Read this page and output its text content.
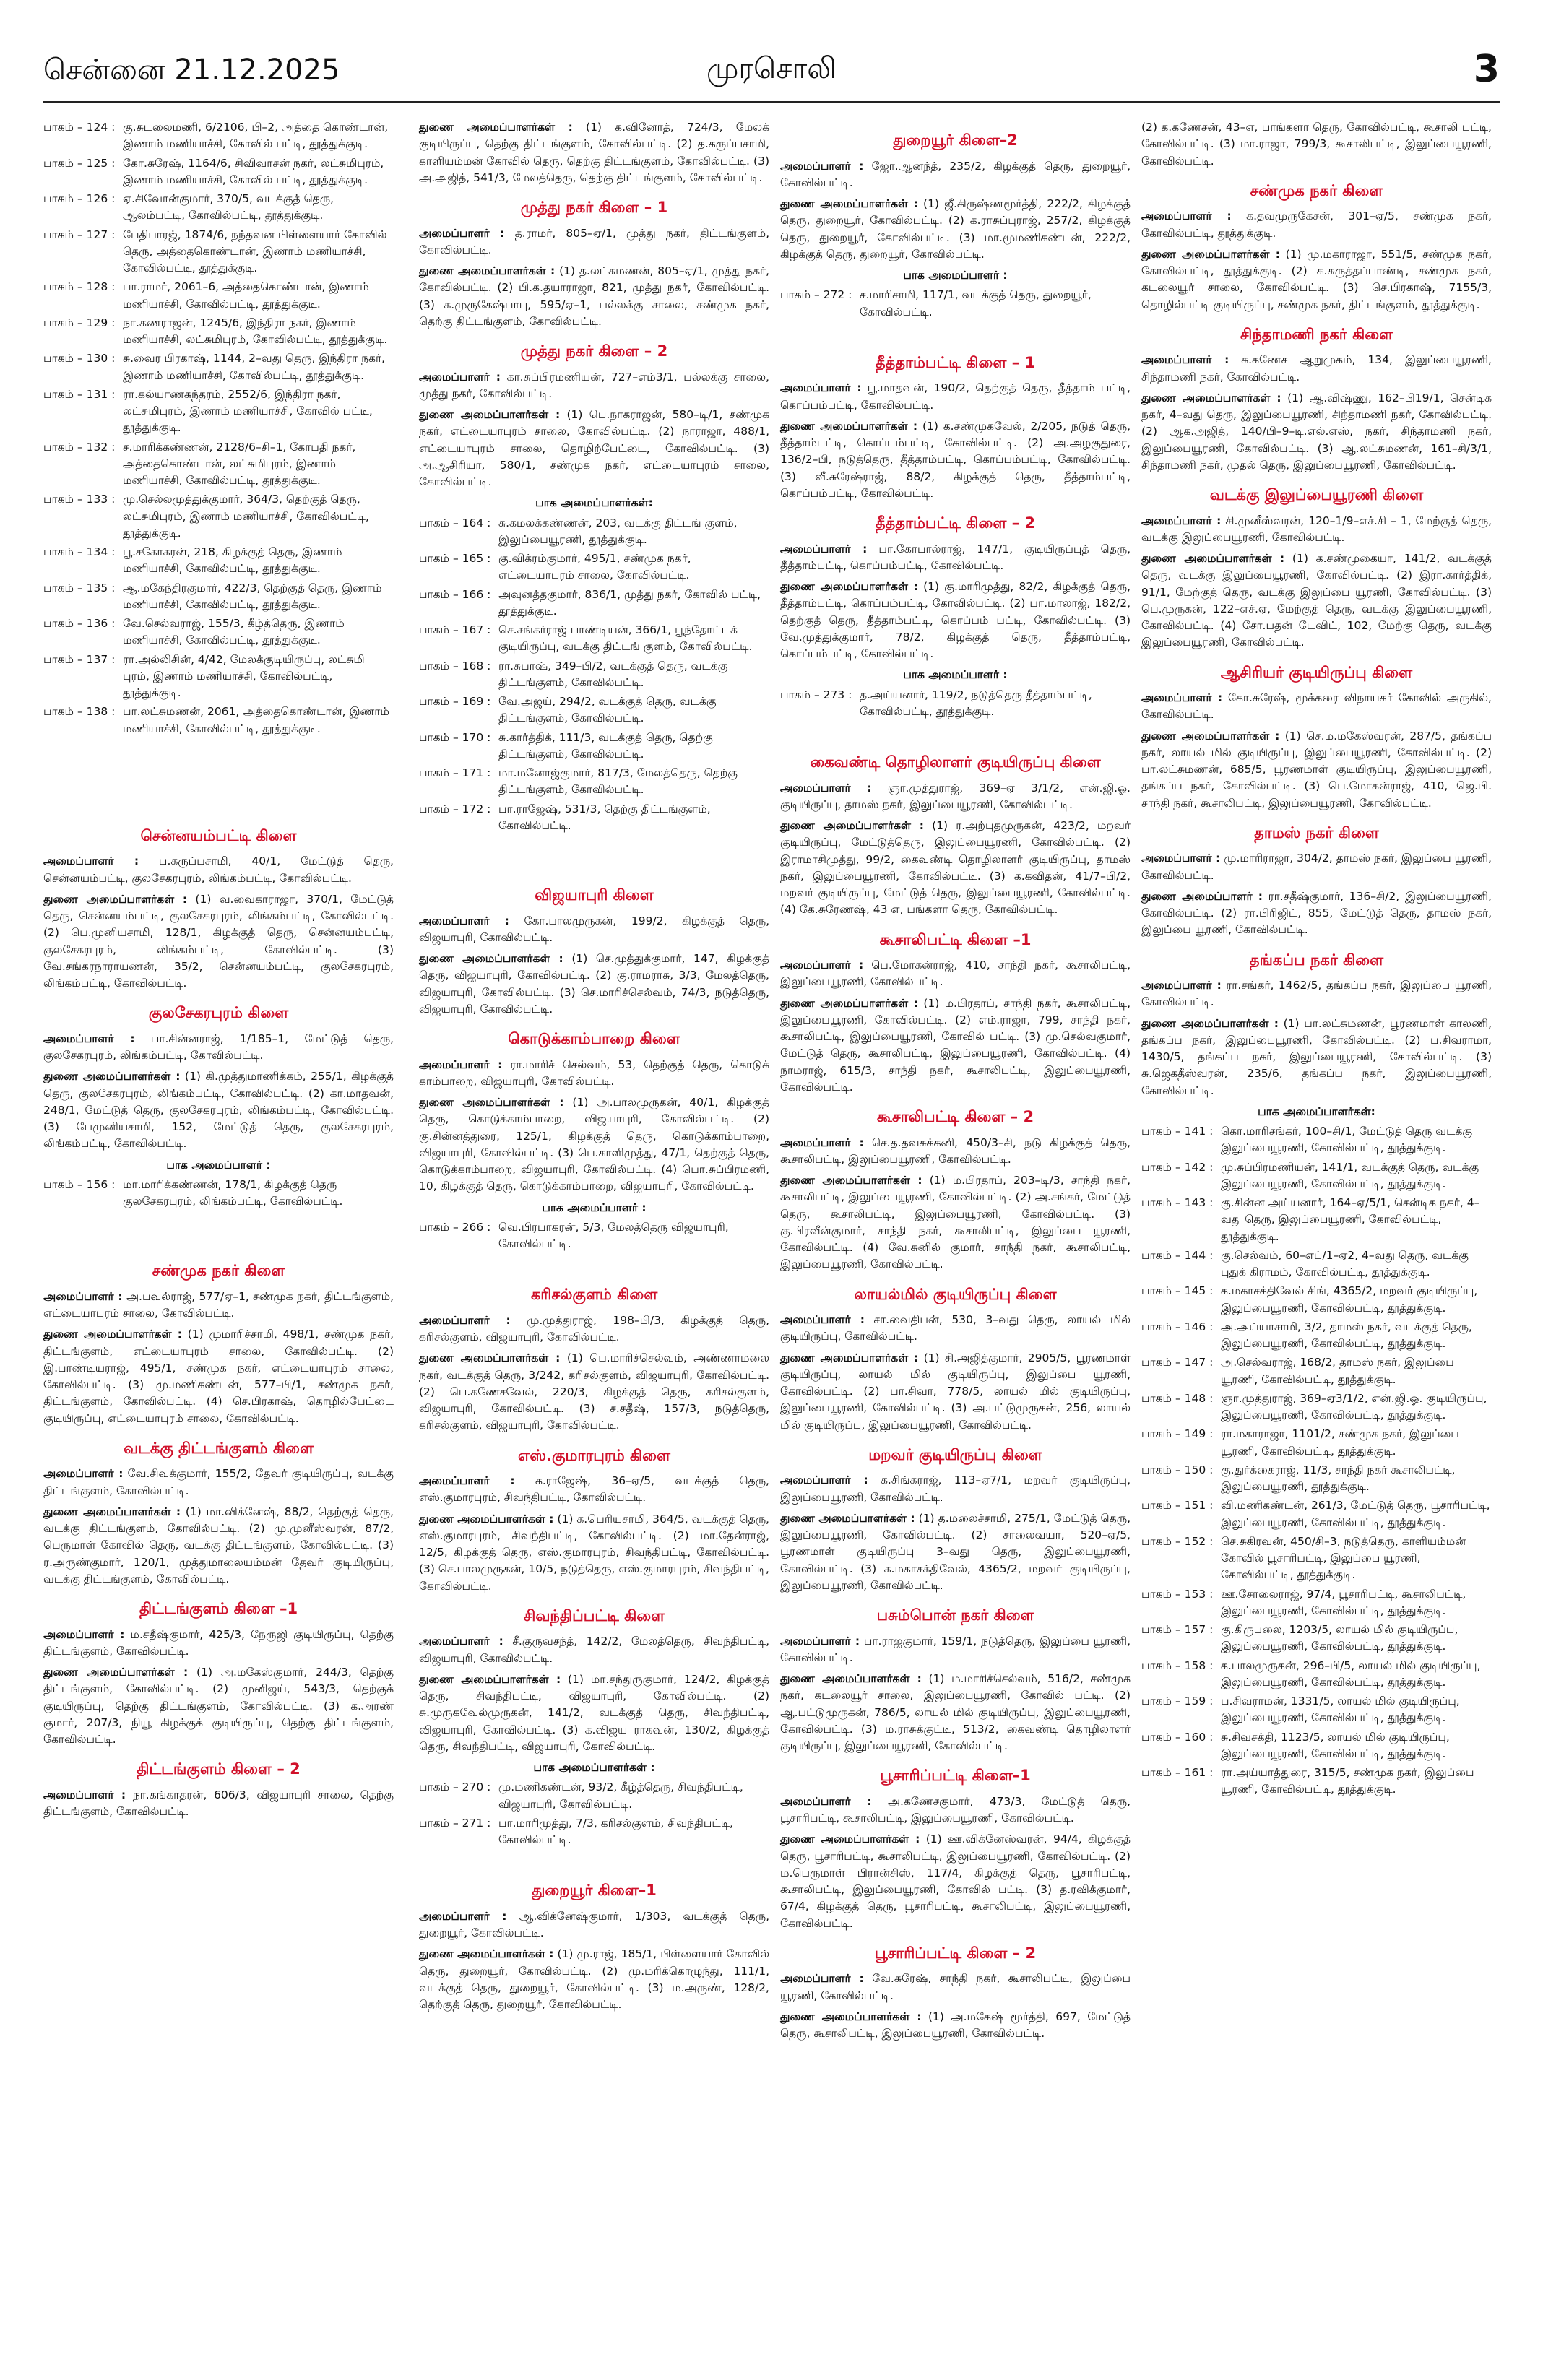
சென்னை 21.12.2025	முரசொலி	3
பாகம் – 124 : கு.சுடலைமணி, 6/2106, பி–2, அத்தை கொண்டான், இணாம் மணியாச்சி, கோவில் பட்டி, தூத்துக்குடி.
பாகம் – 125 : கோ.சுரேஷ், 1164/6, சிவிவாசன் நகர், லட்சுமிபுரம், இணாம் மணியாச்சி, கோவில் பட்டி, தூத்துக்குடி.
பாகம் – 126 : ஏ.சிவோன்குமார், 370/5, வடக்குத் தெரு, ஆலம்பட்டி, கோவில்பட்டி, தூத்துக்குடி.
பாகம் – 127 : பேதிபாரஜ், 1874/6, நந்தவன பிள்ளையார் கோவில் தெரு, அத்தைகொண்டான், இணாம் மணியாச்சி, கோவில்பட்டி, தூத்துக்குடி.
பாகம் – 128 : பா.ராமர், 2061–6, அத்தைகொண்டான், இணாம் மணியாச்சி, கோவில்பட்டி, தூத்துக்குடி.
பாகம் – 129 : நா.கணராஜன், 1245/6, இந்திரா நகர், இணாம் மணியாச்சி, லட்சுமிபுரம், கோவில்பட்டி, தூத்துக்குடி.
பாகம் – 130 : சு.வைர பிரகாஷ், 1144, 2–வது தெரு, இந்திரா நகர், இணாம் மணியாச்சி, கோவில்பட்டி, தூத்துக்குடி.
பாகம் – 131 : ரா.கல்யாணசுந்தரம், 2552/6, இந்திரா நகர், லட்சுமிபுரம், இணாம் மணியாச்சி, கோவில் பட்டி, தூத்துக்குடி.
பாகம் – 132 : ச.மாரிக்கண்ணன், 2128/6–சி–1, கோபதி நகர், அத்தைகொண்டான், லட்சுமிபுரம், இணாம் மணியாச்சி, கோவில்பட்டி, தூத்துக்குடி.
பாகம் – 133 : மு.செல்லமுத்துக்குமார், 364/3, தெற்குத் தெரு, லட்சுமிபுரம், இணாம் மணியாச்சி, கோவில்பட்டி, தூத்துக்குடி.
பாகம் – 134 : பூ.சகோகரன், 218, கிழக்குத் தெரு, இணாம் மணியாச்சி, கோவில்பட்டி, தூத்துக்குடி.
பாகம் – 135 : ஆ.மகேந்திரகுமார், 422/3, தெற்குத் தெரு, இணாம் மணியாச்சி, கோவில்பட்டி, தூத்துக்குடி.
பாகம் – 136 : வே.செல்வராஜ், 155/3, கீழ்த்தெரு, இணாம் மணியாச்சி, கோவில்பட்டி, தூத்துக்குடி.
பாகம் – 137 : ரா.அல்லிசின், 4/42, மேலக்குடியிருப்பு, லட்சுமி புரம், இணாம் மணியாச்சி, கோவில்பட்டி, தூத்துக்குடி.
பாகம் – 138 : பா.லட்சுமணன், 2061, அத்தைகொண்டான், இணாம் மணியாச்சி, கோவில்பட்டி, தூத்துக்குடி.
சென்னயம்பட்டி கிளை

அமைப்பாளர் : ப.கருப்பசாமி, 40/1, மேட்டுத் தெரு, சென்னயம்பட்டி, குலசேகரபுரம், லிங்கம்பட்டி, கோவில்பட்டி.

துணை அமைப்பாளர்கள் : (1) வ.வைகாராஜா, 370/1, மேட்டுத் தெரு, சென்னயம்பட்டி, குலசேகரபுரம், லிங்கம்பட்டி, கோவில்பட்டி. (2) பெ.முனியசாமி, 128/1, கிழக்குத் தெரு, சென்னயம்பட்டி, குலசேகரபுரம், லிங்கம்பட்டி, கோவில்பட்டி. (3) வே.சங்கரநாராயணன், 35/2, சென்னயம்பட்டி, குலசேகரபுரம், லிங்கம்பட்டி, கோவில்பட்டி.

குலசேகரபுரம் கிளை

அமைப்பாளர் : பா.சின்னராஜ், 1/185–1, மேட்டுத் தெரு, குலசேகரபுரம், லிங்கம்பட்டி, கோவில்பட்டி.

துணை அமைப்பாளர்கள் : (1) கி.முத்துமாணிக்கம், 255/1, கிழக்குத் தெரு, குலசேகரபுரம், லிங்கம்பட்டி, கோவில்பட்டி. (2) கா.மாதவன், 248/1, மேட்டுத் தெரு, குலசேகரபுரம், லிங்கம்பட்டி, கோவில்பட்டி. (3) பேமுனியசாமி, 152, மேட்டுத் தெரு, குலசேகரபுரம், லிங்கம்பட்டி, கோவில்பட்டி.

பாக அமைப்பாளர் :
பாகம் – 156 : மா.மாரிக்கண்ணன், 178/1, கிழக்குத் தெரு குலசேகரபுரம், லிங்கம்பட்டி, கோவில்பட்டி.
சண்முக நகர் கிளை

அமைப்பாளர் : அ.பவுல்ராஜ், 577/ஏ–1, சண்முக நகர், திட்டங்குளம், எட்டையாபுரம் சாலை, கோவில்பட்டி.

துணை அமைப்பாளர்கள் : (1) முமாரிச்சாமி, 498/1, சண்முக நகர், திட்டங்குளம், எட்டையாபுரம் சாலை, கோவில்பட்டி. (2) இ.பாண்டியராஜ், 495/1, சண்முக நகர், எட்டையாபுரம் சாலை, கோவில்பட்டி. (3) மு.மணிகண்டன், 577–பி/1, சண்முக நகர், திட்டங்குளம், கோவில்பட்டி. (4) செ.பிரகாஷ், தொழில்பேட்டை குடியிருப்பு, எட்டையாபுரம் சாலை, கோவில்பட்டி.

வடக்கு திட்டங்குளம் கிளை

அமைப்பாளர் : வே.சிவக்குமார், 155/2, தேவர் குடியிருப்பு, வடக்கு திட்டங்குளம், கோவில்பட்டி.

துணை அமைப்பாளர்கள் : (1) மா.விக்னேஷ், 88/2, தெற்குத் தெரு, வடக்கு திட்டங்குளம், கோவில்பட்டி. (2) மு.முனீஸ்வரன், 87/2, பெருமாள் கோவில் தெரு, வடக்கு திட்டங்குளம், கோவில்பட்டி. (3) ர.அருண்குமார், 120/1, முத்துமாலையம்மன் தேவர் குடியிருப்பு, வடக்கு திட்டங்குளம், கோவில்பட்டி.

திட்டங்குளம் கிளை –1

அமைப்பாளர் : ம.சதீஷ்குமார், 425/3, நேருஜி குடியிருப்பு, தெற்கு திட்டங்குளம், கோவில்பட்டி.

துணை அமைப்பாளர்கள் : (1) அ.மகேஸ்குமார், 244/3, தெற்கு திட்டங்குளம், கோவில்பட்டி. (2) முனிஜய், 543/3, தெற்குக் குடியிருப்பு, தெற்கு திட்டங்குளம், கோவில்பட்டி. (3) க.அரண் குமார், 207/3, நியூ கிழக்குக் குடியிருப்பு, தெற்கு திட்டங்குளம், கோவில்பட்டி.

திட்டங்குளம் கிளை – 2

அமைப்பாளர் : நா.கங்காதரன், 606/3, விஜயாபுரி சாலை, தெற்கு திட்டங்குளம், கோவில்பட்டி.

துணை அமைப்பாளர்கள் : (1) க.வினோத், 724/3, மேலக் குடியிருப்பு, தெற்கு திட்டங்குளம், கோவில்பட்டி. (2) த.கருப்பசாமி, காளியம்மன் கோவில் தெரு, தெற்கு திட்டங்குளம், கோவில்பட்டி. (3) அ.அஜித், 541/3, மேலத்தெரு, தெற்கு திட்டங்குளம், கோவில்பட்டி.

முத்து நகர் கிளை – 1

அமைப்பாளர் : த.ராமர், 805–ஏ/1, முத்து நகர், திட்டங்குளம், கோவில்பட்டி.

துணை அமைப்பாளர்கள் : (1) த.லட்சுமணன், 805–ஏ/1, முத்து நகர், கோவில்பட்டி. (2) பி.க.தயாராஜா, 821, முத்து நகர், கோவில்பட்டி. (3) க.முருகேஷ்பாபு, 595/ஏ–1, பல்லக்கு சாலை, சண்முக நகர், தெற்கு திட்டங்குளம், கோவில்பட்டி.

முத்து நகர் கிளை – 2

அமைப்பாளர் : கா.சுப்பிரமணியன், 727–எம்3/1, பல்லக்கு சாலை, முத்து நகர், கோவில்பட்டி.

துணை அமைப்பாளர்கள் : (1) பெ.நாகராஜன், 580–டி/1, சண்முக நகர், எட்டையாபுரம் சாலை, கோவில்பட்டி. (2) நாராஜா, 488/1, எட்டையாபுரம் சாலை, தொழிற்பேட்டை, கோவில்பட்டி. (3) அ.ஆசிரியா, 580/1, சண்முக நகர், எட்டையாபுரம் சாலை, கோவில்பட்டி.

பாக அமைப்பாளர்கள்:
பாகம் – 164 : சு.கமலக்கண்ணன், 203, வடக்கு திட்டங் குளம், இலுப்பையூரணி, தூத்துக்குடி.
பாகம் – 165 : கு.விக்ரம்குமார், 495/1, சண்முக நகர், எட்டையாபுரம் சாலை, கோவில்பட்டி.
பாகம் – 166 : அவுனத்தகுமார், 836/1, முத்து நகர், கோவில் பட்டி, தூத்துக்குடி.
பாகம் – 167 : செ.சங்கர்ராஜ் பாண்டியன், 366/1, பூந்தோட்டக் குடியிருப்பு, வடக்கு திட்டங் குளம், கோவில்பட்டி.
பாகம் – 168 : ரா.சுபாஷ், 349–பி/2, வடக்குத் தெரு, வடக்கு திட்டங்குளம், கோவில்பட்டி.
பாகம் – 169 : வே.அஜய், 294/2, வடக்குத் தெரு, வடக்கு திட்டங்குளம், கோவில்பட்டி.
பாகம் – 170 : சு.கார்த்திக், 111/3, வடக்குத் தெரு, தெற்கு திட்டங்குளம், கோவில்பட்டி.
பாகம் – 171 : மா.மனோஜ்குமார், 817/3, மேலத்தெரு, தெற்கு திட்டங்குளம், கோவில்பட்டி.
பாகம் – 172 : பா.ராஜேஷ், 531/3, தெற்கு திட்டங்குளம், கோவில்பட்டி.
விஜயாபுரி கிளை

அமைப்பாளர் : கோ.பாலமுருகன், 199/2, கிழக்குத் தெரு, விஜயாபுரி, கோவில்பட்டி.

துணை அமைப்பாளர்கள் : (1) செ.முத்துக்குமார், 147, கிழக்குத் தெரு, விஜயாபுரி, கோவில்பட்டி. (2) கு.ராமராசு, 3/3, மேலத்தெரு, விஜயாபுரி, கோவில்பட்டி. (3) செ.மாரிச்செல்வம், 74/3, நடுத்தெரு, விஜயாபுரி, கோவில்பட்டி.

கொடுக்காம்பாறை கிளை

அமைப்பாளர் : ரா.மாரிச் செல்வம், 53, தெற்குத் தெரு, கொடுக் காம்பாறை, விஜயாபுரி, கோவில்பட்டி.

துணை அமைப்பாளர்கள் : (1) அ.பாலமுருகன், 40/1, கிழக்குத் தெரு, கொடுக்காம்பாறை, விஜயாபுரி, கோவில்பட்டி. (2) கு.சின்னத்துரை, 125/1, கிழக்குத் தெரு, கொடுக்காம்பாறை, விஜயாபுரி, கோவில்பட்டி. (3) பெ.காளிமுத்து, 47/1, தெற்குத் தெரு, கொடுக்காம்பாறை, விஜயாபுரி, கோவில்பட்டி. (4) பொ.சுப்பிரமணி, 10, கிழக்குத் தெரு, கொடுக்காம்பாறை, விஜயாபுரி, கோவில்பட்டி.

பாக அமைப்பாளர் :
பாகம் – 266 : வெ.பிரபாகரன், 5/3, மேலத்தெரு விஜயாபுரி, கோவில்பட்டி.
கரிசல்குளம் கிளை

அமைப்பாளர் : மு.முத்துராஜ், 198–பி/3, கிழக்குத் தெரு, கரிசல்குளம், விஜயாபுரி, கோவில்பட்டி.

துணை அமைப்பாளர்கள் : (1) பெ.மாரிச்செல்வம், அண்ணாமலை நகர், வடக்குத் தெரு, 3/242, கரிசல்குளம், விஜயாபுரி, கோவில்பட்டி. (2) பெ.கணேசவேல், 220/3, கிழக்குத் தெரு, கரிசல்குளம், விஜயாபுரி, கோவில்பட்டி. (3) ச.சதீஷ், 157/3, நடுத்தெரு, கரிசல்குளம், விஜயாபுரி, கோவில்பட்டி.

எஸ்.குமாரபுரம் கிளை

அமைப்பாளர் : க.ராஜேஷ், 36–ஏ/5, வடக்குத் தெரு, எஸ்.குமாரபுரம், சிவந்திபட்டி, கோவில்பட்டி.

துணை அமைப்பாளர்கள் : (1) க.பெரியசாமி, 364/5, வடக்குத் தெரு, எஸ்.குமாரபுரம், சிவந்திபட்டி, கோவில்பட்டி. (2) மா.தேன்ராஜ், 12/5, கிழக்குத் தெரு, எஸ்.குமாரபுரம், சிவந்திபட்டி, கோவில்பட்டி. (3) செ.பாலமுருகன், 10/5, நடுத்தெரு, எஸ்.குமாரபுரம், சிவந்திபட்டி, கோவில்பட்டி.

சிவந்திப்பட்டி கிளை

அமைப்பாளர் : சீ.குருவசந்த், 142/2, மேலத்தெரு, சிவந்திபட்டி, விஜயாபுரி, கோவில்பட்டி.

துணை அமைப்பாளர்கள் : (1) மா.சந்துருகுமார், 124/2, கிழக்குத் தெரு, சிவந்திபட்டி, விஜயாபுரி, கோவில்பட்டி. (2) சு.முருகவேல்முருகன், 141/2, வடக்குத் தெரு, சிவந்திபட்டி, விஜயாபுரி, கோவில்பட்டி. (3) க.விஜய ராகவன், 130/2, கிழக்குத் தெரு, சிவந்திபட்டி, விஜயாபுரி, கோவில்பட்டி.

பாக அமைப்பாளர்கள் :
பாகம் – 270 : மு.மணிகண்டன், 93/2, கீழ்த்தெரு, சிவந்திபட்டி, விஜயாபுரி, கோவில்பட்டி.
பாகம் – 271 : பா.மாரிமுத்து, 7/3, கரிசல்குளம், சிவந்திபட்டி, கோவில்பட்டி.
துறையூர் கிளை–1

அமைப்பாளர் : ஆ.விக்னேஷ்குமார், 1/303, வடக்குத் தெரு, துறையூர், கோவில்பட்டி.

துணை அமைப்பாளர்கள் : (1) மு.ராஜ், 185/1, பிள்ளையார் கோவில் தெரு, துறையூர், கோவில்பட்டி. (2) மு.மரிக்கொழுந்து, 111/1, வடக்குத் தெரு, துறையூர், கோவில்பட்டி. (3) ம.அருண், 128/2, தெற்குத் தெரு, துறையூர், கோவில்பட்டி.

துறையூர் கிளை–2

அமைப்பாளர் : ஜோ.ஆனந்த், 235/2, கிழக்குத் தெரு, துறையூர், கோவில்பட்டி.

துணை அமைப்பாளர்கள் : (1) ஜீ.கிருஷ்ணமூர்த்தி, 222/2, கிழக்குத் தெரு, துறையூர், கோவில்பட்டி. (2) க.ராசுப்புராஜ், 257/2, கிழக்குத் தெரு, துறையூர், கோவில்பட்டி. (3) மா.மூமணிகண்டன், 222/2, கிழக்குத் தெரு, துறையூர், கோவில்பட்டி.

பாக அமைப்பாளர் :
பாகம் – 272 : ச.மாரிசாமி, 117/1, வடக்குத் தெரு, துறையூர், கோவில்பட்டி.
தீத்தாம்பட்டி கிளை – 1

அமைப்பாளர் : பூ.மாதவன், 190/2, தெற்குத் தெரு, தீத்தாம் பட்டி, கொப்பம்பட்டி, கோவில்பட்டி.

துணை அமைப்பாளர்கள் : (1) க.சண்முகவேல், 2/205, நடுத் தெரு, தீத்தாம்பட்டி, கொப்பம்பட்டி, கோவில்பட்டி. (2) அ.அழகுதுரை, 136/2–பி, நடுத்தெரு, தீத்தாம்பட்டி, கொப்பம்பட்டி, கோவில்பட்டி. (3) வீ.சுரேஷ்ராஜ், 88/2, கிழக்குத் தெரு, தீத்தாம்பட்டி, கொப்பம்பட்டி, கோவில்பட்டி.

தீத்தாம்பட்டி கிளை – 2

அமைப்பாளர் : பா.கோபால்ராஜ், 147/1, குடியிருப்புத் தெரு, தீத்தாம்பட்டி, கொப்பம்பட்டி, கோவில்பட்டி.

துணை அமைப்பாளர்கள் : (1) கு.மாரிமுத்து, 82/2, கிழக்குத் தெரு, தீத்தாம்பட்டி, கொப்பம்பட்டி, கோவில்பட்டி. (2) பா.மாலாஜ், 182/2, தெற்குத் தெரு, தீத்தாம்பட்டி, கொப்பம் பட்டி, கோவில்பட்டி. (3) வே.முத்துக்குமார், 78/2, கிழக்குத் தெரு, தீத்தாம்பட்டி, கொப்பம்பட்டி, கோவில்பட்டி.

பாக அமைப்பாளர் :
பாகம் – 273 : த.அய்யனார், 119/2, நடுத்தெரு தீத்தாம்பட்டி, கோவில்பட்டி, தூத்துக்குடி.
கைவண்டி தொழிலாளர் குடியிருப்பு கிளை

அமைப்பாளர் : ஞா.முத்துராஜ், 369–ஏ 3/1/2, என்.ஜி.ஓ. குடியிருப்பு, தாமஸ் நகர், இலுப்பையூரணி, கோவில்பட்டி.

துணை அமைப்பாளர்கள் : (1) ர.அற்புதமுருகன், 423/2, மறவர் குடியிருப்பு, மேட்டுத்தெரு, இலுப்பையூரணி, கோவில்பட்டி. (2) இராமாசிமுத்து, 99/2, கைவண்டி தொழிலாளர் குடியிருப்பு, தாமஸ் நகர், இலுப்பையூரணி, கோவில்பட்டி. (3) க.கவிதன், 41/7–பி/2, மறவர் குடியிருப்பு, மேட்டுத் தெரு, இலுப்பையூரணி, கோவில்பட்டி. (4) கே.சுரேணஷ், 43 எ, பங்களா தெரு, கோவில்பட்டி.

கூசாலிபட்டி கிளை –1

அமைப்பாளர் : பெ.மோகன்ராஜ், 410, சாந்தி நகர், கூசாலிபட்டி, இலுப்பையூரணி, கோவில்பட்டி.

துணை அமைப்பாளர்கள் : (1) ம.பிரதாப், சாந்தி நகர், கூசாலிபட்டி, இலுப்பையூரணி, கோவில்பட்டி. (2) எம்.ராஜா, 799, சாந்தி நகர், கூசாலிபட்டி, இலுப்பையூரணி, கோவில் பட்டி. (3) மு.செல்வகுமார், மேட்டுத் தெரு, கூசாலிபட்டி, இலுப்பையூரணி, கோவில்பட்டி. (4) நாமராஜ், 615/3, சாந்தி நகர், கூசாலிபட்டி, இலுப்பையூரணி, கோவில்பட்டி.

கூசாலிபட்டி கிளை – 2

அமைப்பாளர் : செ.த.தவசுக்கனி, 450/3–சி, நடு கிழக்குத் தெரு, கூசாலிபட்டி, இலுப்பையூரணி, கோவில்பட்டி.

துணை அமைப்பாளர்கள் : (1) ம.பிரதாப், 203–டி/3, சாந்தி நகர், கூசாலிபட்டி, இலுப்பையூரணி, கோவில்பட்டி. (2) அ.சங்கர், மேட்டுத் தெரு, கூசாலிபட்டி, இலுப்பையூரணி, கோவில்பட்டி. (3) கு.பிரவீன்குமார், சாந்தி நகர், கூசாலிபட்டி, இலுப்பை யூரணி, கோவில்பட்டி. (4) வே.சுனில் குமார், சாந்தி நகர், கூசாலிபட்டி, இலுப்பையூரணி, கோவில்பட்டி.

லாயல்மில் குடியிருப்பு கிளை

அமைப்பாளர் : சா.வைதிபன், 530, 3–வது தெரு, லாயல் மில் குடியிருப்பு, கோவில்பட்டி.

துணை அமைப்பாளர்கள் : (1) சி.அஜித்குமார், 2905/5, பூரணமாள் குடியிருப்பு, லாயல் மில் குடியிருப்பு, இலுப்பை யூரணி, கோவில்பட்டி. (2) பா.சிவா, 778/5, லாயல் மில் குடியிருப்பு, இலுப்பையூரணி, கோவில்பட்டி. (3) அ.பட்டுமுருகன், 256, லாயல் மில் குடியிருப்பு, இலுப்பையூரணி, கோவில்பட்டி.

மறவர் குடியிருப்பு கிளை

அமைப்பாளர் : க.சிங்கராஜ், 113–ஏ7/1, மறவர் குடியிருப்பு, இலுப்பையூரணி, கோவில்பட்டி.

துணை அமைப்பாளர்கள் : (1) த.மலைச்சாமி, 275/1, மேட்டுத் தெரு, இலுப்பையூரணி, கோவில்பட்டி. (2) சாலைவயா, 520–ஏ/5, பூரணமாள் குடியிருப்பு 3–வது தெரு, இலுப்பையூரணி, கோவில்பட்டி. (3) க.மகாசக்திவேல், 4365/2, மறவர் குடியிருப்பு, இலுப்பையூரணி, கோவில்பட்டி.

பசும்பொன் நகர் கிளை

அமைப்பாளர் : பா.ராஜகுமார், 159/1, நடுத்தெரு, இலுப்பை யூரணி, கோவில்பட்டி.

துணை அமைப்பாளர்கள் : (1) ம.மாரிச்செல்வம், 516/2, சண்முக நகர், கடலையூர் சாலை, இலுப்பையூரணி, கோவில் பட்டி. (2) ஆ.பட்டுமுருகன், 786/5, லாயல் மில் குடியிருப்பு, இலுப்பையூரணி, கோவில்பட்டி. (3) ம.ராசுக்குட்டி, 513/2, கைவண்டி தொழிலாளர் குடியிருப்பு, இலுப்பையூரணி, கோவில்பட்டி.

பூசாரிப்பட்டி கிளை–1

அமைப்பாளர் : அ.கணேசகுமார், 473/3, மேட்டுத் தெரு, பூசாரிபட்டி, கூசாலிபட்டி, இலுப்பையூரணி, கோவில்பட்டி.

துணை அமைப்பாளர்கள் : (1) ஊ.விக்னேஸ்வரன், 94/4, கிழக்குத் தெரு, பூசாரிபட்டி, கூசாலிபட்டி, இலுப்பையூரணி, கோவில்பட்டி. (2) ம.பெருமாள் பிரான்சிஸ், 117/4, கிழக்குத் தெரு, பூசாரிபட்டி, கூசாலிபட்டி, இலுப்பையூரணி, கோவில் பட்டி. (3) த.ரவிக்குமார், 67/4, கிழக்குத் தெரு, பூசாரிபட்டி, கூசாலிபட்டி, இலுப்பையூரணி, கோவில்பட்டி.

பூசாரிப்பட்டி கிளை – 2

அமைப்பாளர் : வே.சுரேஷ், சாந்தி நகர், கூசாலிபட்டி, இலுப்பை யூரணி, கோவில்பட்டி.

துணை அமைப்பாளர்கள் : (1) அ.மகேஷ் மூர்த்தி, 697, மேட்டுத் தெரு, கூசாலிபட்டி, இலுப்பையூரணி, கோவில்பட்டி.

(2) க.கணேசன், 43–எ, பாங்களா தெரு, கோவில்பட்டி, கூசாலி பட்டி, கோவில்பட்டி. (3) மா.ராஜா, 799/3, கூசாலிபட்டி, இலுப்பையூரணி, கோவில்பட்டி.

சண்முக நகர் கிளை

அமைப்பாளர் : க.தவமுருகேசன், 301–ஏ/5, சண்முக நகர், கோவில்பட்டி, தூத்துக்குடி.

துணை அமைப்பாளர்கள் : (1) மு.மகாராஜா, 551/5, சண்முக நகர், கோவில்பட்டி, தூத்துக்குடி. (2) க.சுருத்தப்பாண்டி, சண்முக நகர், கடலையூர் சாலை, கோவில்பட்டி. (3) செ.பிரகாஷ், 7155/3, தொழில்பட்டி குடியிருப்பு, சண்முக நகர், திட்டங்குளம், தூத்துக்குடி.

சிந்தாமணி நகர் கிளை

அமைப்பாளர் : க.கணேச ஆறுமுகம், 134, இலுப்பையூரணி, சிந்தாமணி நகர், கோவில்பட்டி.

துணை அமைப்பாளர்கள் : (1) ஆ.விஷ்ணு, 162–பி19/1, சென்டிக நகர், 4–வது தெரு, இலுப்பையூரணி, சிந்தாமணி நகர், கோவில்பட்டி. (2) ஆக.அஜித், 140/பி–9–டி.எல்.எஸ், நகர், சிந்தாமணி நகர், இலுப்பையூரணி, கோவில்பட்டி. (3) ஆ.லட்சுமணன், 161–சி/3/1, சிந்தாமணி நகர், முதல் தெரு, இலுப்பையூரணி, கோவில்பட்டி.

வடக்கு இலுப்பையூரணி கிளை

அமைப்பாளர் : சி.முனீஸ்வரன், 120–1/9–எச்.சி – 1, மேற்குத் தெரு, வடக்கு இலுப்பையூரணி, கோவில்பட்டி.

துணை அமைப்பாளர்கள் : (1) க.சண்முகையா, 141/2, வடக்குத் தெரு, வடக்கு இலுப்பையூரணி, கோவில்பட்டி. (2) இரா.கார்த்திக், 91/1, மேற்குத் தெரு, வடக்கு இலுப்பை யூரணி, கோவில்பட்டி. (3) பெ.முருகன், 122–எச்.ஏ, மேற்குத் தெரு, வடக்கு இலுப்பையூரணி, கோவில்பட்டி. (4) சோ.பதன் டேவிட், 102, மேற்கு தெரு, வடக்கு இலுப்பையூரணி, கோவில்பட்டி.

ஆசிரியர் குடியிருப்பு கிளை

அமைப்பாளர் : கோ.சுரேஷ், மூக்கரை விநாயகர் கோவில் அருகில், கோவில்பட்டி.

துணை அமைப்பாளர்கள் : (1) செ.ம.மகேஸ்வரன், 287/5, தங்கப்ப நகர், லாயல் மில் குடியிருப்பு, இலுப்பையூரணி, கோவில்பட்டி. (2) பா.லட்சுமணன், 685/5, பூரணமாள் குடியிருப்பு, இலுப்பையூரணி, தங்கப்ப நகர், கோவில்பட்டி. (3) பெ.மோகன்ராஜ், 410, ஜெ.பி. சாந்தி நகர், கூசாலிபட்டி, இலுப்பையூரணி, கோவில்பட்டி.

தாமஸ் நகர் கிளை

அமைப்பாளர் : மு.மாரிராஜா, 304/2, தாமஸ் நகர், இலுப்பை யூரணி, கோவில்பட்டி.

துணை அமைப்பாளர் : ரா.சதீஷ்குமார், 136–சி/2, இலுப்பையூரணி, கோவில்பட்டி. (2) ரா.பிரிஜிட், 855, மேட்டுத் தெரு, தாமஸ் நகர், இலுப்பை யூரணி, கோவில்பட்டி.

தங்கப்ப நகர் கிளை

அமைப்பாளர் : ரா.சங்கர், 1462/5, தங்கப்ப நகர், இலுப்பை யூரணி, கோவில்பட்டி.

துணை அமைப்பாளர்கள் : (1) பா.லட்சுமணன், பூரணமாள் காலணி, தங்கப்ப நகர், இலுப்பையூரணி, கோவில்பட்டி. (2) ப.சிவராமா, 1430/5, தங்கப்ப நகர், இலுப்பையூரணி, கோவில்பட்டி. (3) சு.ஜெகதீஸ்வரன், 235/6, தங்கப்ப நகர், இலுப்பையூரணி, கோவில்பட்டி.

பாக அமைப்பாளர்கள்:
பாகம் – 141 : கொ.மாரிசங்கர், 100–சி/1, மேட்டுத் தெரு வடக்கு இலுப்பையூரணி, கோவில்பட்டி, தூத்துக்குடி.
பாகம் – 142 : மு.சுப்பிரமணியன், 141/1, வடக்குத் தெரு, வடக்கு இலுப்பையூரணி, கோவில்பட்டி, தூத்துக்குடி.
பாகம் – 143 : கு.சின்ன அய்யனார், 164–ஏ/5/1, சென்டிக நகர், 4–வது தெரு, இலுப்பையூரணி, கோவில்பட்டி, தூத்துக்குடி.
பாகம் – 144 : கு.செல்வம், 60–எப்/1–ஏ2, 4–வது தெரு, வடக்கு புதுக் கிராமம், கோவில்பட்டி, தூத்துக்குடி.
பாகம் – 145 : க.மகாசக்திவேல் சிங், 4365/2, மறவர் குடியிருப்பு, இலுப்பையூரணி, கோவில்பட்டி, தூத்துக்குடி.
பாகம் – 146 : அ.அய்யாசாமி, 3/2, தாமஸ் நகர், வடக்குத் தெரு, இலுப்பையூரணி, கோவில்பட்டி, தூத்துக்குடி.
பாகம் – 147 : அ.செல்வராஜ், 168/2, தாமஸ் நகர், இலுப்பை யூரணி, கோவில்பட்டி, தூத்துக்குடி.
பாகம் – 148 : ஞா.முத்துராஜ், 369–ஏ3/1/2, என்.ஜி.ஓ. குடியிருப்பு, இலுப்பையூரணி, கோவில்பட்டி, தூத்துக்குடி.
பாகம் – 149 : ரா.மகாராஜா, 1101/2, சண்முக நகர், இலுப்பை யூரணி, கோவில்பட்டி, தூத்துக்குடி.
பாகம் – 150 : கு.துர்க்கைராஜ், 11/3, சாந்தி நகர் கூசாலிபட்டி, இலுப்பையூரணி, தூத்துக்குடி.
பாகம் – 151 : வி.மணிகண்டன், 261/3, மேட்டுத் தெரு, பூசாரிபட்டி, இலுப்பையூரணி, கோவில்பட்டி, தூத்துக்குடி.
பாகம் – 152 : செ.சுகிரவன், 450/சி–3, நடுத்தெரு, காளியம்மன் கோவில் பூசாரிபட்டி, இலுப்பை யூரணி, கோவில்பட்டி, தூத்துக்குடி.
பாகம் – 153 : ஊ.சோலைராஜ், 97/4, பூசாரிபட்டி, கூசாலிபட்டி, இலுப்பையூரணி, கோவில்பட்டி, தூத்துக்குடி.
பாகம் – 157 : கு.கிருபலை, 1203/5, லாயல் மில் குடியிருப்பு, இலுப்பையூரணி, கோவில்பட்டி, தூத்துக்குடி.
பாகம் – 158 : க.பாலமுருகன், 296–பி/5, லாயல் மில் குடியிருப்பு, இலுப்பையூரணி, கோவில்பட்டி, தூத்துக்குடி.
பாகம் – 159 : ப.சிவராமன், 1331/5, லாயல் மில் குடியிருப்பு, இலுப்பையூரணி, கோவில்பட்டி, தூத்துக்குடி.
பாகம் – 160 : சு.சிவசக்தி, 1123/5, லாயல் மில் குடியிருப்பு, இலுப்பையூரணி, கோவில்பட்டி, தூத்துக்குடி.
பாகம் – 161 : ரா.அய்யாத்துரை, 315/5, சண்முக நகர், இலுப்பை யூரணி, கோவில்பட்டி, தூத்துக்குடி.
